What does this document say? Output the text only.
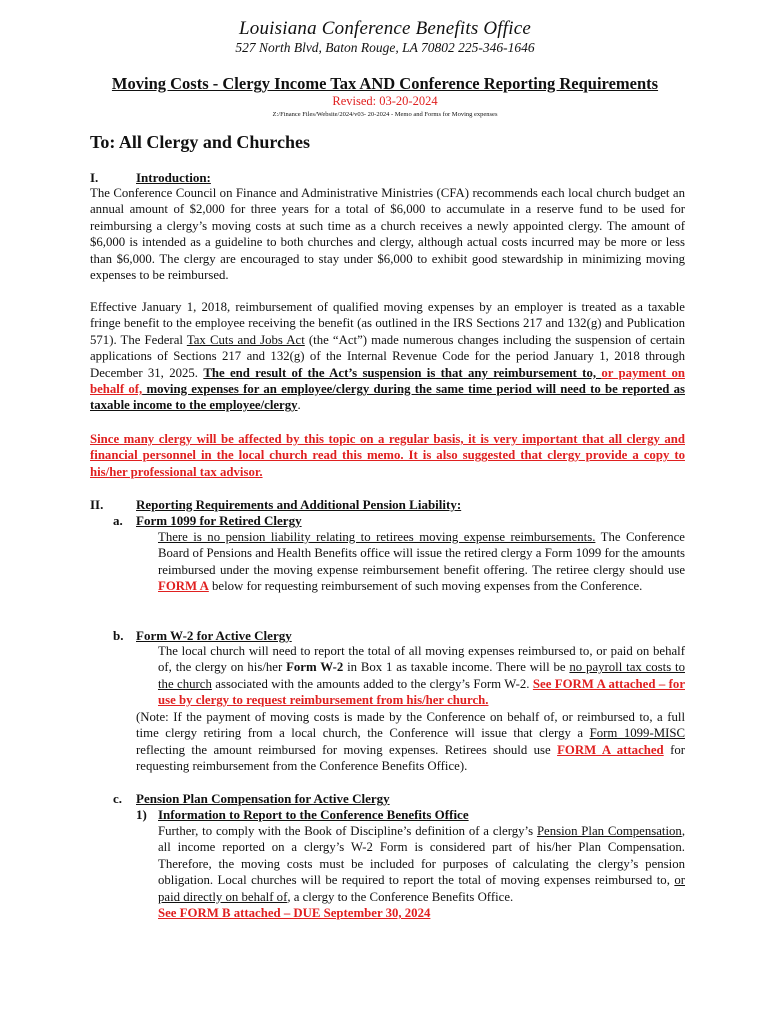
Louisiana Conference Benefits Office
527 North Blvd, Baton Rouge, LA 70802 225-346-1646
Moving Costs - Clergy Income Tax AND Conference Reporting Requirements
Revised: 03-20-2024
Z:/Finance Files/Website/2024/v03- 20-2024 - Memo and Forms for Moving expenses
To: All Clergy and Churches
I.	Introduction:
The Conference Council on Finance and Administrative Ministries (CFA) recommends each local church budget an annual amount of $2,000 for three years for a total of $6,000 to accumulate in a reserve fund to be used for reimbursing a clergy’s moving costs at such time as a church receives a newly appointed clergy. The amount of $6,000 is intended as a guideline to both churches and clergy, although actual costs incurred may be more or less than $6,000. The clergy are encouraged to stay under $6,000 to exhibit good stewardship in minimizing moving expenses to be reimbursed.
Effective January 1, 2018, reimbursement of qualified moving expenses by an employer is treated as a taxable fringe benefit to the employee receiving the benefit (as outlined in the IRS Sections 217 and 132(g) and Publication 571). The Federal Tax Cuts and Jobs Act (the “Act”) made numerous changes including the suspension of certain applications of Sections 217 and 132(g) of the Internal Revenue Code for the period January 1, 2018 through December 31, 2025. The end result of the Act’s suspension is that any reimbursement to, or payment on behalf of, moving expenses for an employee/clergy during the same time period will need to be reported as taxable income to the employee/clergy.
Since many clergy will be affected by this topic on a regular basis, it is very important that all clergy and financial personnel in the local church read this memo. It is also suggested that clergy provide a copy to his/her professional tax advisor.
II.	Reporting Requirements and Additional Pension Liability:
a. Form 1099 for Retired Clergy
There is no pension liability relating to retirees moving expense reimbursements. The Conference Board of Pensions and Health Benefits office will issue the retired clergy a Form 1099 for the amounts reimbursed under the moving expense reimbursement benefit offering. The retiree clergy should use FORM A below for requesting reimbursement of such moving expenses from the Conference.
b. Form W-2 for Active Clergy
The local church will need to report the total of all moving expenses reimbursed to, or paid on behalf of, the clergy on his/her Form W-2 in Box 1 as taxable income. There will be no payroll tax costs to the church associated with the amounts added to the clergy’s Form W-2. See FORM A attached – for use by clergy to request reimbursement from his/her church.
(Note: If the payment of moving costs is made by the Conference on behalf of, or reimbursed to, a full time clergy retiring from a local church, the Conference will issue that clergy a Form 1099-MISC reflecting the amount reimbursed for moving expenses. Retirees should use FORM A attached for requesting reimbursement from the Conference Benefits Office).
c. Pension Plan Compensation for Active Clergy
1) Information to Report to the Conference Benefits Office
Further, to comply with the Book of Discipline’s definition of a clergy’s Pension Plan Compensation, all income reported on a clergy’s W-2 Form is considered part of his/her Plan Compensation. Therefore, the moving costs must be included for purposes of calculating the clergy’s pension obligation. Local churches will be required to report the total of moving expenses reimbursed to, or paid directly on behalf of, a clergy to the Conference Benefits Office.
See FORM B attached – DUE September 30, 2024
